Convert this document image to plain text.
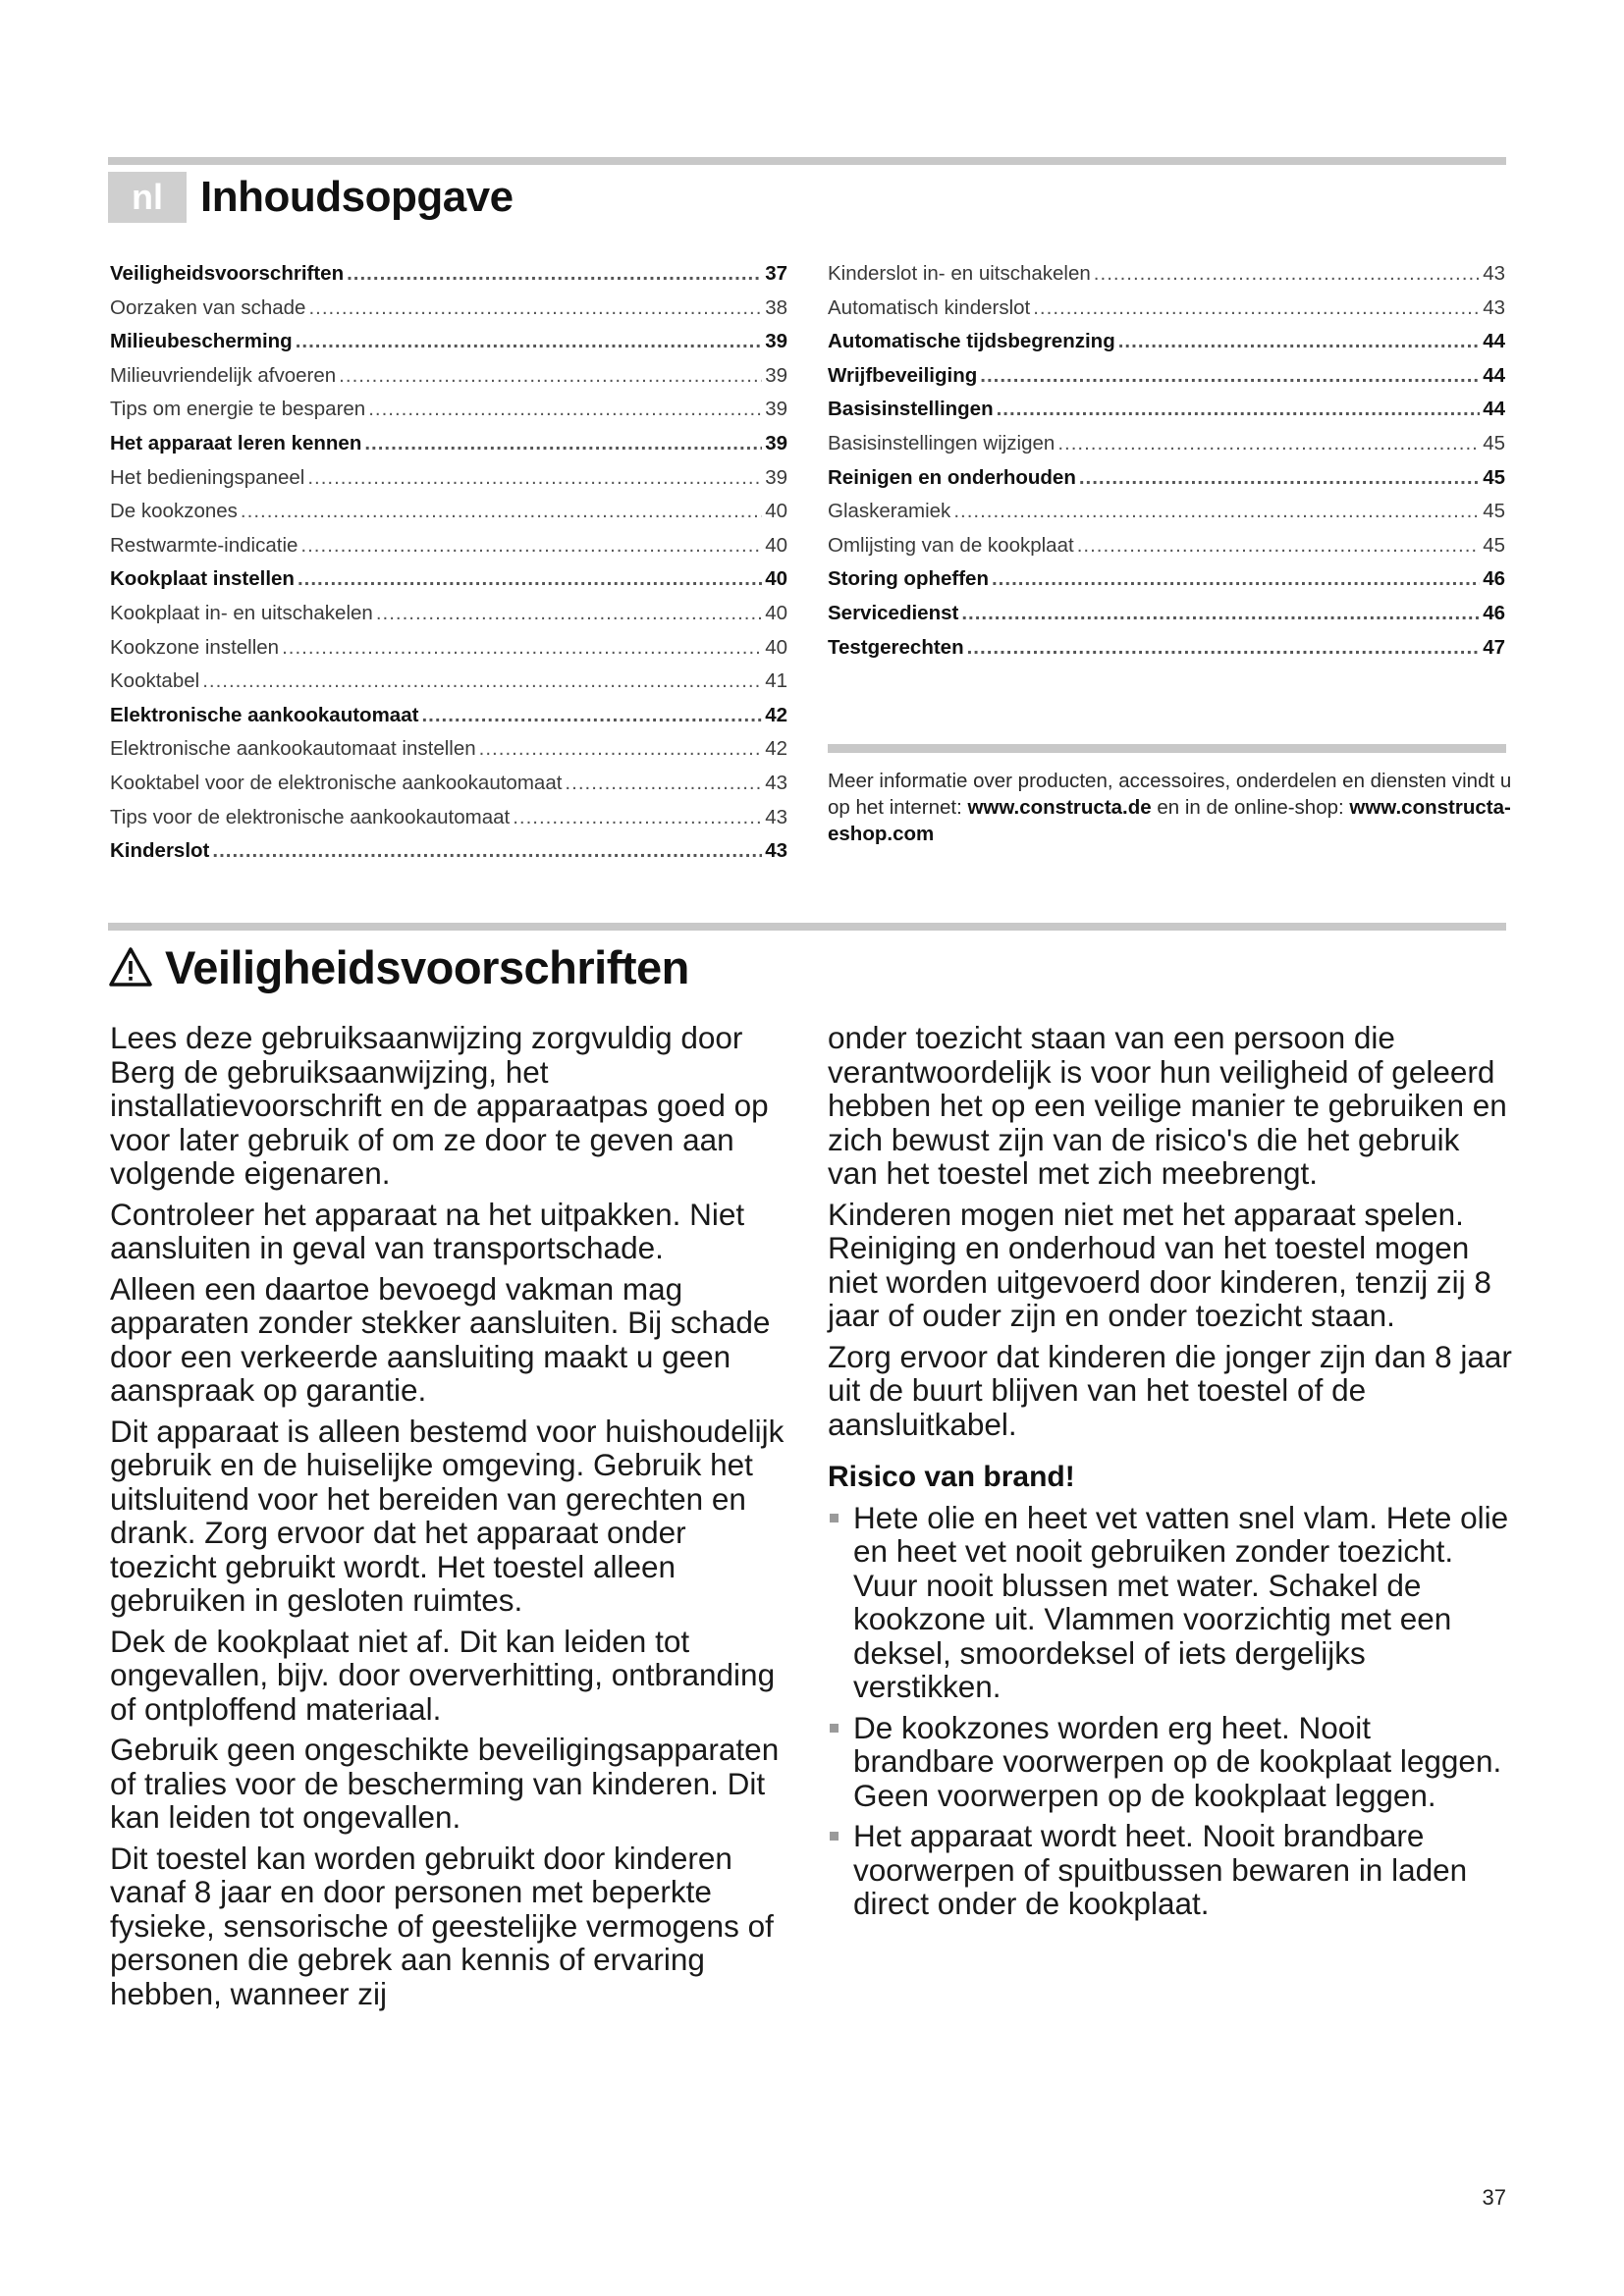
nl Inhoudsopgave
Veiligheidsvoorschriften .....	37
Oorzaken van schade .....	38
Milieubescherming .....	39
Milieuvriendelijk afvoeren .....	39
Tips om energie te besparen .....	39
Het apparaat leren kennen .....	39
Het bedieningspaneel .....	39
De kookzones .....	40
Restwarmte-indicatie .....	40
Kookplaat instellen .....	40
Kookplaat in- en uitschakelen .....	40
Kookzone instellen .....	40
Kooktabel .....	41
Elektronische aankookautomaat .....	42
Elektronische aankookautomaat instellen .....	42
Kooktabel voor de elektronische aankookautomaat .....	43
Tips voor de elektronische aankookautomaat .....	43
Kinderslot .....	43
Kinderslot in- en uitschakelen .....	43
Automatisch kinderslot .....	43
Automatische tijdsbegrenzing .....	44
Wrijfbeveiliging .....	44
Basisinstellingen .....	44
Basisinstellingen wijzigen .....	45
Reinigen en onderhouden .....	45
Glaskeramiek .....	45
Omlijsting van de kookplaat .....	45
Storing opheffen .....	46
Servicedienst .....	46
Testgerechten .....	47
Meer informatie over producten, accessoires, onderdelen en diensten vindt u op het internet: www.constructa.de en in de online-shop: www.constructa-eshop.com
Veiligheidsvoorschriften

Lees deze gebruiksaanwijzing zorgvuldig door Berg de gebruiksaanwijzing, het installatievoorschrift en de apparaatpas goed op voor later gebruik of om ze door te geven aan volgende eigenaren.

Controleer het apparaat na het uitpakken. Niet aansluiten in geval van transportschade.

Alleen een daartoe bevoegd vakman mag apparaten zonder stekker aansluiten. Bij schade door een verkeerde aansluiting maakt u geen aanspraak op garantie.

Dit apparaat is alleen bestemd voor huishoudelijk gebruik en de huiselijke omgeving. Gebruik het uitsluitend voor het bereiden van gerechten en drank. Zorg ervoor dat het apparaat onder toezicht gebruikt wordt. Het toestel alleen gebruiken in gesloten ruimtes.

Dek de kookplaat niet af. Dit kan leiden tot ongevallen, bijv. door oververhitting, ontbranding of ontploffend materiaal.

Gebruik geen ongeschikte beveiligingsapparaten of tralies voor de bescherming van kinderen. Dit kan leiden tot ongevallen.

Dit toestel kan worden gebruikt door kinderen vanaf 8 jaar en door personen met beperkte fysieke, sensorische of geestelijke vermogens of personen die gebrek aan kennis of ervaring hebben, wanneer zij

onder toezicht staan van een persoon die verantwoordelijk is voor hun veiligheid of geleerd hebben het op een veilige manier te gebruiken en zich bewust zijn van de risico's die het gebruik van het toestel met zich meebrengt.

Kinderen mogen niet met het apparaat spelen. Reiniging en onderhoud van het toestel mogen niet worden uitgevoerd door kinderen, tenzij zij 8 jaar of ouder zijn en onder toezicht staan.

Zorg ervoor dat kinderen die jonger zijn dan 8 jaar uit de buurt blijven van het toestel of de aansluitkabel.

Risico van brand!
Hete olie en heet vet vatten snel vlam. Hete olie en heet vet nooit gebruiken zonder toezicht. Vuur nooit blussen met water. Schakel de kookzone uit. Vlammen voorzichtig met een deksel, smoordeksel of iets dergelijks verstikken.
De kookzones worden erg heet. Nooit brandbare voorwerpen op de kookplaat leggen. Geen voorwerpen op de kookplaat leggen.
Het apparaat wordt heet. Nooit brandbare voorwerpen of spuitbussen bewaren in laden direct onder de kookplaat.
37
